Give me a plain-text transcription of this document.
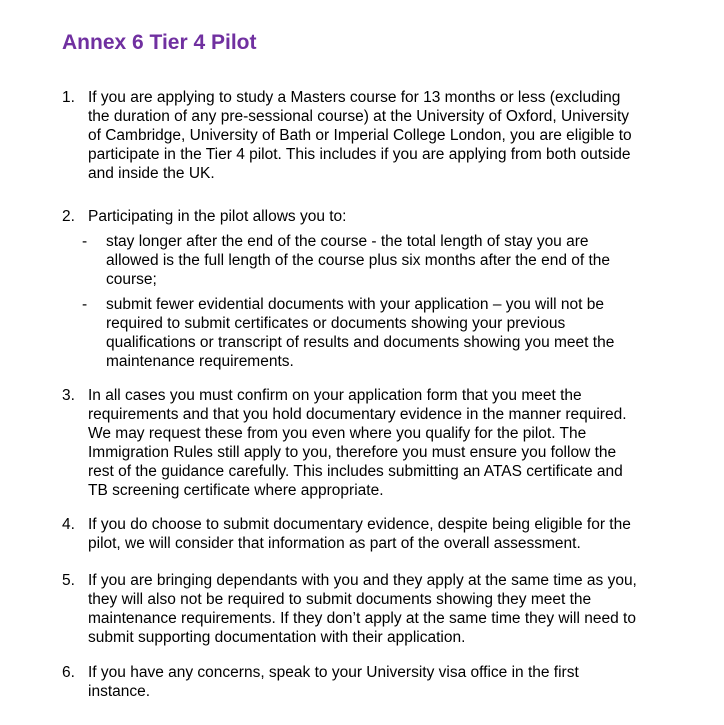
Annex 6 Tier 4 Pilot
1. If you are applying to study a Masters course for 13 months or less (excluding the duration of any pre-sessional course) at the University of Oxford, University of Cambridge, University of Bath or Imperial College London, you are eligible to participate in the Tier 4 pilot. This includes if you are applying from both outside and inside the UK.
2. Participating in the pilot allows you to:
- stay longer after the end of the course - the total length of stay you are allowed is the full length of the course plus six months after the end of the course;
- submit fewer evidential documents with your application – you will not be required to submit certificates or documents showing your previous qualifications or transcript of results and documents showing you meet the maintenance requirements.
3. In all cases you must confirm on your application form that you meet the requirements and that you hold documentary evidence in the manner required. We may request these from you even where you qualify for the pilot. The Immigration Rules still apply to you, therefore you must ensure you follow the rest of the guidance carefully. This includes submitting an ATAS certificate and TB screening certificate where appropriate.
4. If you do choose to submit documentary evidence, despite being eligible for the pilot, we will consider that information as part of the overall assessment.
5. If you are bringing dependants with you and they apply at the same time as you, they will also not be required to submit documents showing they meet the maintenance requirements. If they don’t apply at the same time they will need to submit supporting documentation with their application.
6. If you have any concerns, speak to your University visa office in the first instance.
